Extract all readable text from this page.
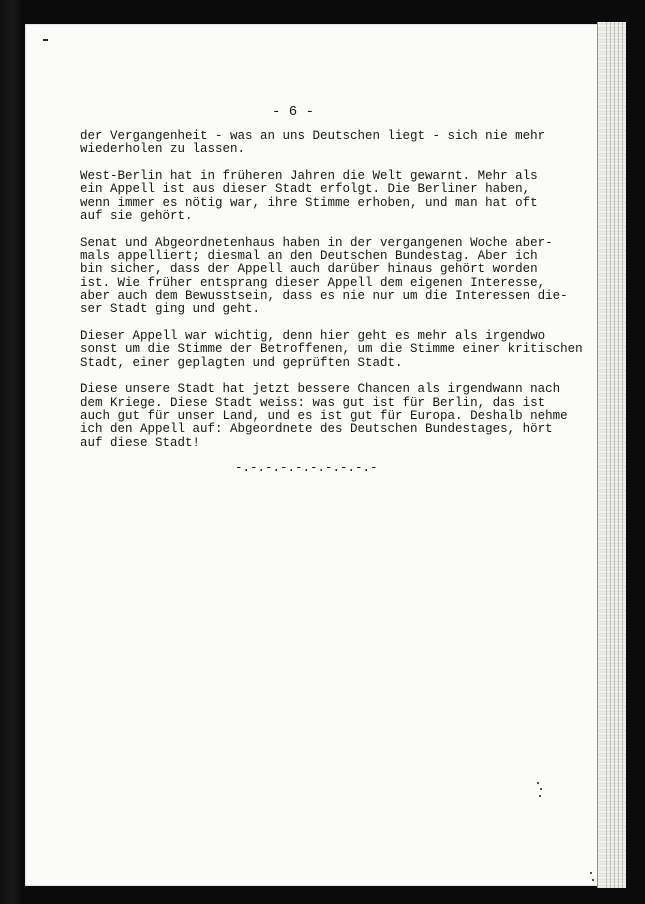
- 6 -

der Vergangenheit - was an uns Deutschen liegt - sich nie mehr
wiederholen zu lassen.

West-Berlin hat in früheren Jahren die Welt gewarnt. Mehr als
ein Appell ist aus dieser Stadt erfolgt. Die Berliner haben,
wenn immer es nötig war, ihre Stimme erhoben, und man hat oft
auf sie gehört.

Senat und Abgeordnetenhaus haben in der vergangenen Woche aber-
mals appelliert; diesmal an den Deutschen Bundestag. Aber ich
bin sicher, dass der Appell auch darüber hinaus gehört worden
ist. Wie früher entsprang dieser Appell dem eigenen Interesse,
aber auch dem Bewusstsein, dass es nie nur um die Interessen die-
ser Stadt ging und geht.

Dieser Appell war wichtig, denn hier geht es mehr als irgendwo
sonst um die Stimme der Betroffenen, um die Stimme einer kritischen
Stadt, einer geplagten und geprüften Stadt.

Diese unsere Stadt hat jetzt bessere Chancen als irgendwann nach
dem Kriege. Diese Stadt weiss: was gut ist für Berlin, das ist
auch gut für unser Land, und es ist gut für Europa. Deshalb nehme
ich den Appell auf: Abgeordnete des Deutschen Bundestages, hört
auf diese Stadt!

-.-.-.-.-.-.-.-.-.-
